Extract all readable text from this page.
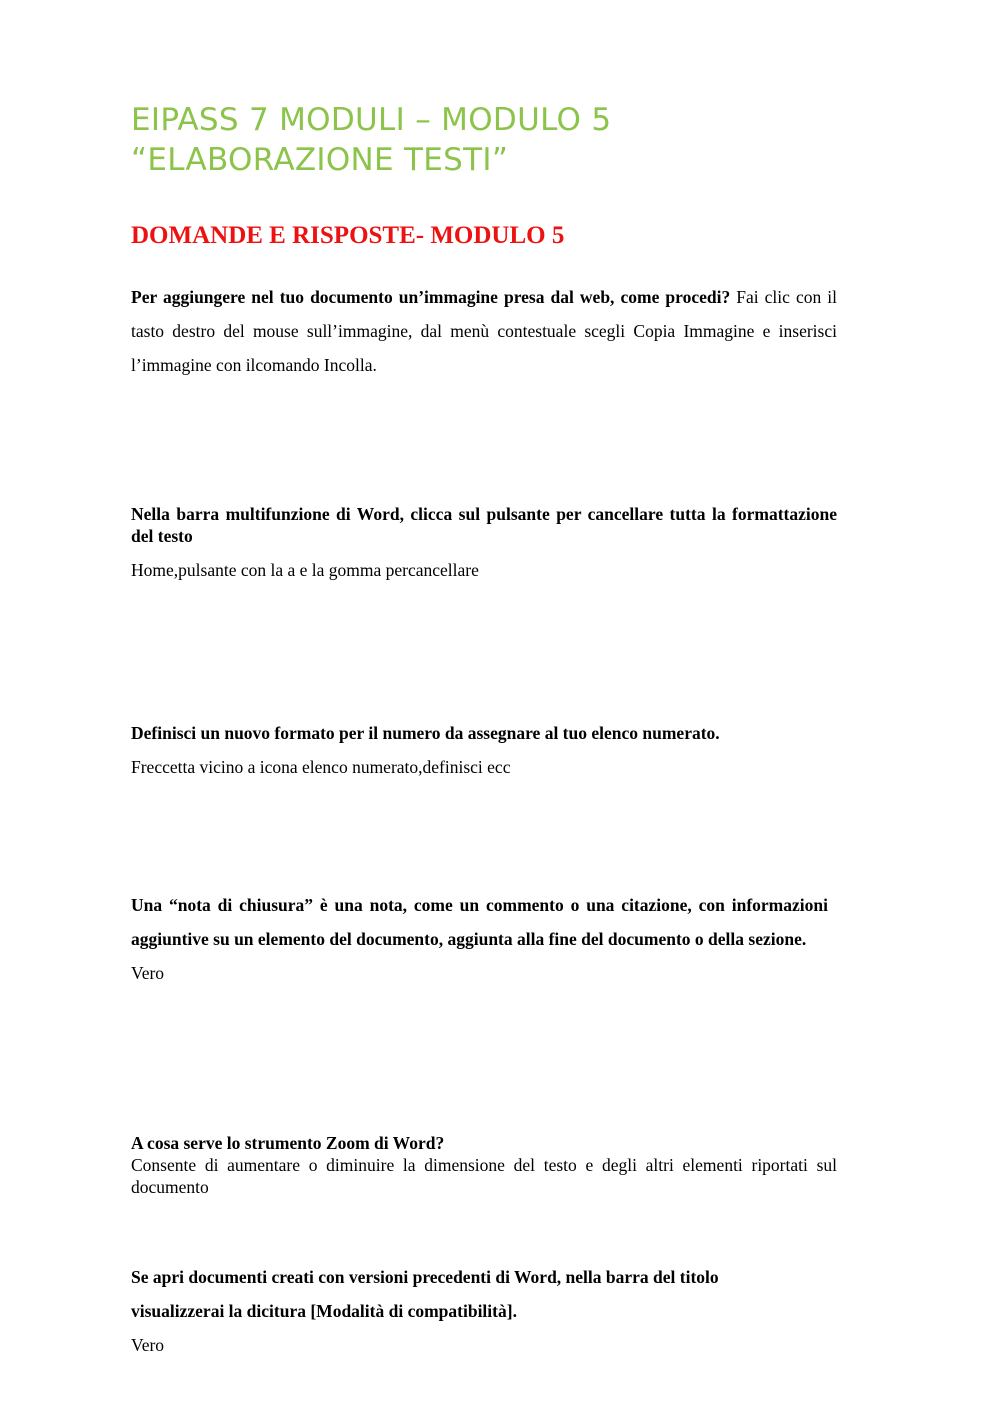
EIPASS 7 MODULI – MODULO 5
“ELABORAZIONE TESTI”
DOMANDE E RISPOSTE- MODULO 5
Per aggiungere nel tuo documento un’immagine presa dal web, come procedi? Fai clic con il tasto destro del mouse sull’immagine, dal menù contestuale scegli Copia Immagine e inserisci l’immagine con ilcomando Incolla.
Nella barra multifunzione di Word, clicca sul pulsante per cancellare tutta la formattazione del testo
Home,pulsante con la a e la gomma percancellare
Definisci un nuovo formato per il numero da assegnare al tuo elenco numerato.
Freccetta vicino a icona elenco numerato,definisci ecc
Una “nota di chiusura” è una nota, come un commento o una citazione, con informazioni aggiuntive su un elemento del documento, aggiunta alla fine del documento o della sezione.
Vero
A cosa serve lo strumento Zoom di Word?
Consente di aumentare o diminuire la dimensione del testo e degli altri elementi riportati sul documento
Se apri documenti creati con versioni precedenti di Word, nella barra del titolo
visualizzerai la dicitura [Modalità di compatibilità].
Vero
